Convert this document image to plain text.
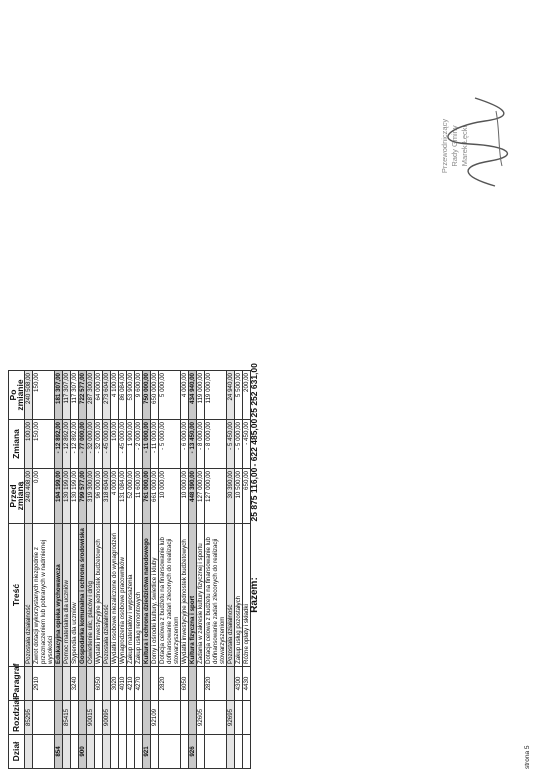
Dział	Rozdział	Paragraf	Treść	Przed zmianą	Zmiana	Po zmianie
	85295		Pozostała działalność	240 408,00	100,00	240 508,00
		2910	Zwrot dotacji wykorzystanych niezgodnie z przeznaczeniem lub pobranych w nadmiernej wysokości	0,00	150,00	150,00
854			Edukacyjna opieka wychowawcza	194 199,00	- 12 892,00	181 307,00
	85415		Pomoc materialna dla uczniów	130 199,00	- 12 892,00	117 307,00
		3240	Stypendia dla uczniów	130 199,00	- 12 892,00	117 307,00
900			Gospodarka komunalna i ochrona środowiska	799 577,00	- 77 000,00	722 577,00
	90015		Oświetlenie ulic, placów i dróg	319 300,00	- 32 000,00	287 300,00
		6050	Wydatki inwestycyjne jednostek budżetowych	96 000,00	- 32 000,00	64 000,00
	90095		Pozostała działalność	318 604,00	- 45 000,00	273 604,00
		3020	Wydatki osobowe niezaliczone do wynagrodzeń	4 000,00	100,00	4 100,00
		4010	Wynagrodzenia osobowe pracowników	131 084,00	- 45 000,00	86 084,00
		4210	Zakup materiałów i wyposażenia	52 000,00	1 900,00	53 900,00
		4270	Zakup usług remontowych	11 600,00	- 2 000,00	9 600,00
921			Kultura i ochrona dziedzictwa narodowego	761 000,00	- 11 000,00	750 000,00
	92109		Domy i ośrodki kultury, świetlice i kluby	661 000,00	- 11 000,00	650 000,00
		2820	Dotacja celowa z budżetu na finansowanie lub dofinansowanie zadań zleconych do realizacji stowarzyszeniom	10 000,00	- 5 000,00	5 000,00
		6050	Wydatki inwestycyjne jednostek budżetowych	10 000,00	- 6 000,00	4 000,00
926			Kultura fizyczna i sport	448 390,00	- 13 450,00	434 940,00
	92605		Zadania w zakresie kultury fizycznej i sportu	127 000,00	- 8 000,00	119 000,00
		2820	Dotacja celowa z budżetu na finansowanie lub dofinansowanie zadań zleconych do realizacji stowarzyszeniom	127 000,00	- 8 000,00	119 000,00
	92695		Pozostała działalność	30 390,00	- 5 450,00	24 940,00
		4300	Zakup usług pozostałych	10 500,00	- 5 000,00	5 500,00
		4430	Różne opłaty i składki	650,00	- 450,00	200,00
			Razem:	25 875 116,00	- 622 485,00	25 252 631,00
strona 5
Przewodniczący Rady Gminy Marek Łęcki
